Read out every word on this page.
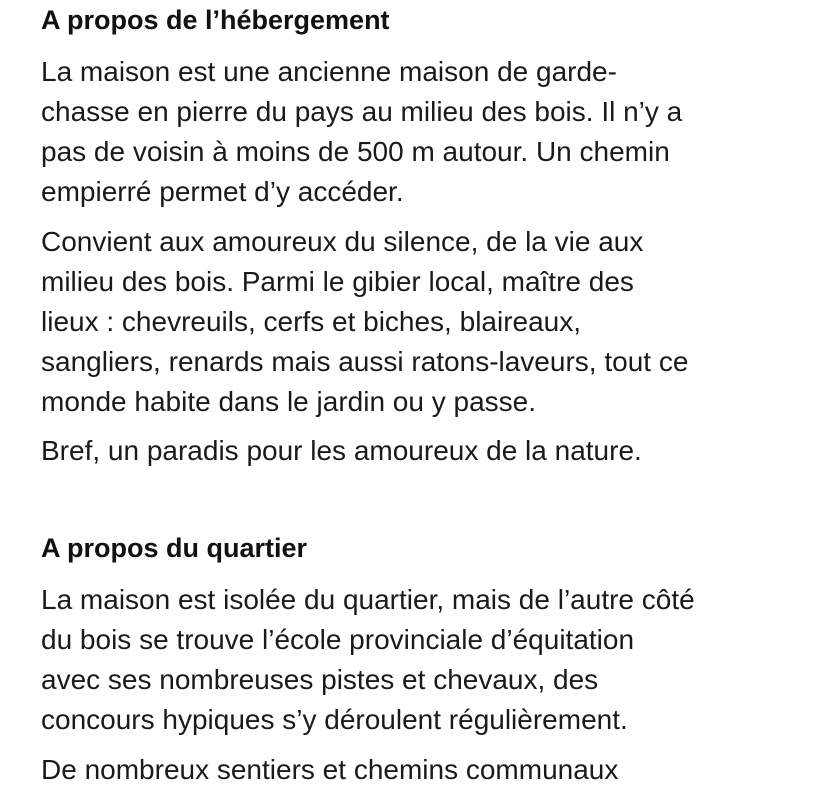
A propos de l’hébergement

La maison est une ancienne maison de garde-
chasse en pierre du pays au milieu des bois. Il n’y a
pas de voisin à moins de 500 m autour. Un chemin
empierré permet d’y accéder.

Convient aux amoureux du silence, de la vie aux
milieu des bois. Parmi le gibier local, maître des
lieux : chevreuils, cerfs et biches, blaireaux,
sangliers, renards mais aussi ratons-laveurs, tout ce
monde habite dans le jardin ou y passe.

Bref, un paradis pour les amoureux de la nature.

A propos du quartier

La maison est isolée du quartier, mais de l’autre côté
du bois se trouve l’école provinciale d’équitation
avec ses nombreuses pistes et chevaux, des
concours hypiques s’y déroulent régulièrement.

De nombreux sentiers et chemins communaux
